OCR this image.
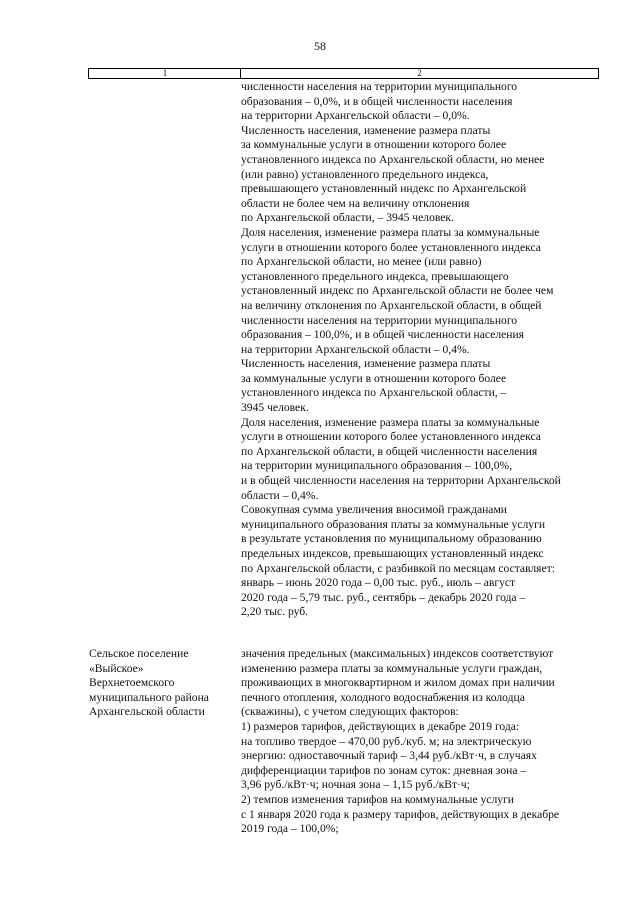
58
1	2
численности населения на территории муниципального
образования – 0,0%, и в общей численности населения
на территории Архангельской области – 0,0%.
Численность населения, изменение размера платы
за коммунальные услуги в отношении которого более
установленного индекса по Архангельской области, но менее
(или равно) установленного предельного индекса,
превышающего установленный индекс по Архангельской
области не более чем на величину отклонения
по Архангельской области, – 3945 человек.
Доля населения, изменение размера платы за коммунальные
услуги в отношении которого более установленного индекса
по Архангельской области, но менее (или равно)
установленного предельного индекса, превышающего
установленный индекс по Архангельской области не более чем
на величину отклонения по Архангельской области, в общей
численности населения на территории муниципального
образования – 100,0%, и в общей численности населения
на территории Архангельской области – 0,4%.
Численность населения, изменение размера платы
за коммунальные услуги в отношении которого более
установленного индекса по Архангельской области, –
3945 человек.
Доля населения, изменение размера платы за коммунальные
услуги в отношении которого более установленного индекса
по Архангельской области, в общей численности населения
на территории муниципального образования – 100,0%,
и в общей численности населения на территории Архангельской
области – 0,4%.
Совокупная сумма увеличения вносимой гражданами
муниципального образования платы за коммунальные услуги
в результате установления по муниципальному образованию
предельных индексов, превышающих установленный индекс
по Архангельской области, с разбивкой по месяцам составляет:
январь – июнь 2020 года – 0,00 тыс. руб., июль – август
2020 года – 5,79 тыс. руб., сентябрь – декабрь 2020 года –
2,20 тыс. руб.
Сельское поселение
«Выйское»
Верхнетоемского
муниципального района
Архангельской области
значения предельных (максимальных) индексов соответствуют
изменению размера платы за коммунальные услуги граждан,
проживающих в многоквартирном и жилом домах при наличии
печного отопления, холодного водоснабжения из колодца
(скважины), с учетом следующих факторов:
1) размеров тарифов, действующих в декабре 2019 года:
на топливо твердое – 470,00 руб./куб. м; на электрическую
энергию: одноставочный тариф – 3,44 руб./кВт·ч, в случаях
дифференциации тарифов по зонам суток: дневная зона –
3,96 руб./кВт·ч; ночная зона – 1,15 руб./кВт·ч;
2) темпов изменения тарифов на коммунальные услуги
с 1 января 2020 года к размеру тарифов, действующих в декабре
2019 года – 100,0%;
